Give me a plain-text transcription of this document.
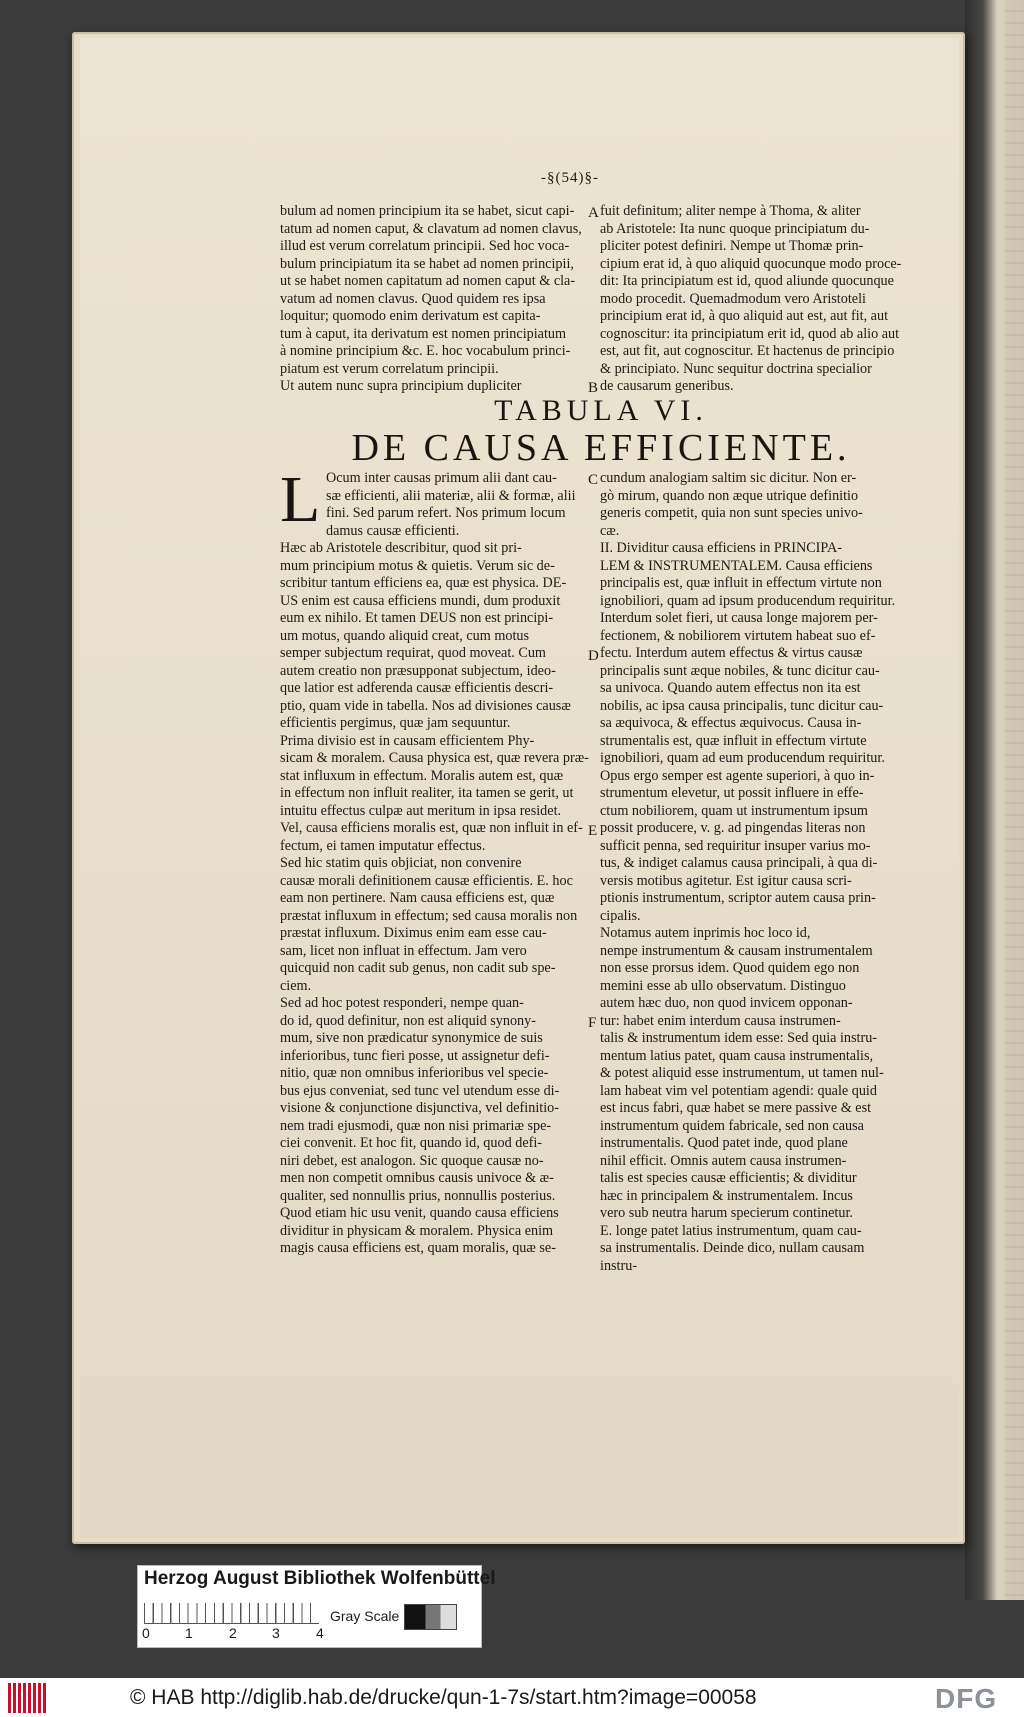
-§(54)§-
bulum ad nomen principium ita se habet, sicut capi-
tatum ad nomen caput, & clavatum ad nomen clavus,
illud est verum correlatum principii. Sed hoc voca-
bulum principiatum ita se habet ad nomen principii,
ut se habet nomen capitatum ad nomen caput & cla-
vatum ad nomen clavus. Quod quidem res ipsa
loquitur; quomodo enim derivatum est capita-
tum à caput, ita derivatum est nomen principiatum
à nomine principium &c. E. hoc vocabulum princi-
piatum est verum correlatum principii.
Ut autem nunc supra principium dupliciter
fuit definitum; aliter nempe à Thoma, & aliter
ab Aristotele: Ita nunc quoque principiatum du-
pliciter potest definiri. Nempe ut Thomæ prin-
cipium erat id, à quo aliquid quocunque modo proce-
dit: Ita principiatum est id, quod aliunde quocunque
modo procedit. Quemadmodum vero Aristoteli
principium erat id, à quo aliquid aut est, aut fit, aut
cognoscitur: ita principiatum erit id, quod ab alio aut
est, aut fit, aut cognoscitur. Et hactenus de principio
& principiato. Nunc sequitur doctrina specialior
de causarum generibus.
A
B
C
D
E
F
TABULA VI.
DE CAUSA EFFICIENTE.
L Ocum inter causas primum alii dant cau-
sæ efficienti, alii materiæ, alii & formæ, alii
fini. Sed parum refert. Nos primum locum
damus causæ efficienti.
Hæc ab Aristotele describitur, quod sit pri-
mum principium motus & quietis. Verum sic de-
scribitur tantum efficiens ea, quæ est physica. DE-
US enim est causa efficiens mundi, dum produxit
eum ex nihilo. Et tamen DEUS non est principi-
um motus, quando aliquid creat, cum motus
semper subjectum requirat, quod moveat. Cum
autem creatio non præsupponat subjectum, ideo-
que latior est adferenda causæ efficientis descri-
ptio, quam vide in tabella. Nos ad divisiones causæ
efficientis pergimus, quæ jam sequuntur.
Prima divisio est in causam efficientem Phy-
sicam & moralem. Causa physica est, quæ revera præ-
stat influxum in effectum. Moralis autem est, quæ
in effectum non influit realiter, ita tamen se gerit, ut
intuitu effectus culpæ aut meritum in ipsa residet.
Vel, causa efficiens moralis est, quæ non influit in ef-
fectum, ei tamen imputatur effectus.
Sed hic statim quis objiciat, non convenire
causæ morali definitionem causæ efficientis. E. hoc
eam non pertinere. Nam causa efficiens est, quæ
præstat influxum in effectum; sed causa moralis non
præstat influxum. Diximus enim eam esse cau-
sam, licet non influat in effectum. Jam vero
quicquid non cadit sub genus, non cadit sub spe-
ciem.
Sed ad hoc potest responderi, nempe quan-
do id, quod definitur, non est aliquid synony-
mum, sive non prædicatur synonymice de suis
inferioribus, tunc fieri posse, ut assignetur defi-
nitio, quæ non omnibus inferioribus vel specie-
bus ejus conveniat, sed tunc vel utendum esse di-
visione & conjunctione disjunctiva, vel definitio-
nem tradi ejusmodi, quæ non nisi primariæ spe-
ciei convenit. Et hoc fit, quando id, quod defi-
niri debet, est analogon. Sic quoque causæ no-
men non competit omnibus causis univoce & æ-
qualiter, sed nonnullis prius, nonnullis posterius.
Quod etiam hic usu venit, quando causa efficiens
dividitur in physicam & moralem. Physica enim
magis causa efficiens est, quam moralis, quæ se-
cundum analogiam saltim sic dicitur. Non er-
gò mirum, quando non æque utrique definitio
generis competit, quia non sunt species univo-
cæ.
II. Dividitur causa efficiens in PRINCIPA-
LEM & INSTRUMENTALEM. Causa efficiens
principalis est, quæ influit in effectum virtute non
ignobiliori, quam ad ipsum producendum requiritur.
Interdum solet fieri, ut causa longe majorem per-
fectionem, & nobiliorem virtutem habeat suo ef-
fectu. Interdum autem effectus & virtus causæ
principalis sunt æque nobiles, & tunc dicitur cau-
sa univoca. Quando autem effectus non ita est
nobilis, ac ipsa causa principalis, tunc dicitur cau-
sa æquivoca, & effectus æquivocus. Causa in-
strumentalis est, quæ influit in effectum virtute
ignobiliori, quam ad eum producendum requiritur.
Opus ergo semper est agente superiori, à quo in-
strumentum elevetur, ut possit influere in effe-
ctum nobiliorem, quam ut instrumentum ipsum
possit producere, v. g. ad pingendas literas non
sufficit penna, sed requiritur insuper varius mo-
tus, & indiget calamus causa principali, à qua di-
versis motibus agitetur. Est igitur causa scri-
ptionis instrumentum, scriptor autem causa prin-
cipalis.
Notamus autem inprimis hoc loco id,
nempe instrumentum & causam instrumentalem
non esse prorsus idem. Quod quidem ego non
memini esse ab ullo observatum. Distinguo
autem hæc duo, non quod invicem opponan-
tur: habet enim interdum causa instrumen-
talis & instrumentum idem esse: Sed quia instru-
mentum latius patet, quam causa instrumentalis,
& potest aliquid esse instrumentum, ut tamen nul-
lam habeat vim vel potentiam agendi: quale quid
est incus fabri, quæ habet se mere passive & est
instrumentum quidem fabricale, sed non causa
instrumentalis. Quod patet inde, quod plane
nihil efficit. Omnis autem causa instrumen-
talis est species causæ efficientis; & dividitur
hæc in principalem & instrumentalem. Incus
vero sub neutra harum specierum continetur.
E. longe patet latius instrumentum, quam cau-
sa instrumentalis. Deinde dico, nullam causam
instru-
Herzog August Bibliothek Wolfenbüttel
0	1	2	3	4
Gray Scale
© HAB http://diglib.hab.de/drucke/qun-1-7s/start.htm?image=00058	DFG
